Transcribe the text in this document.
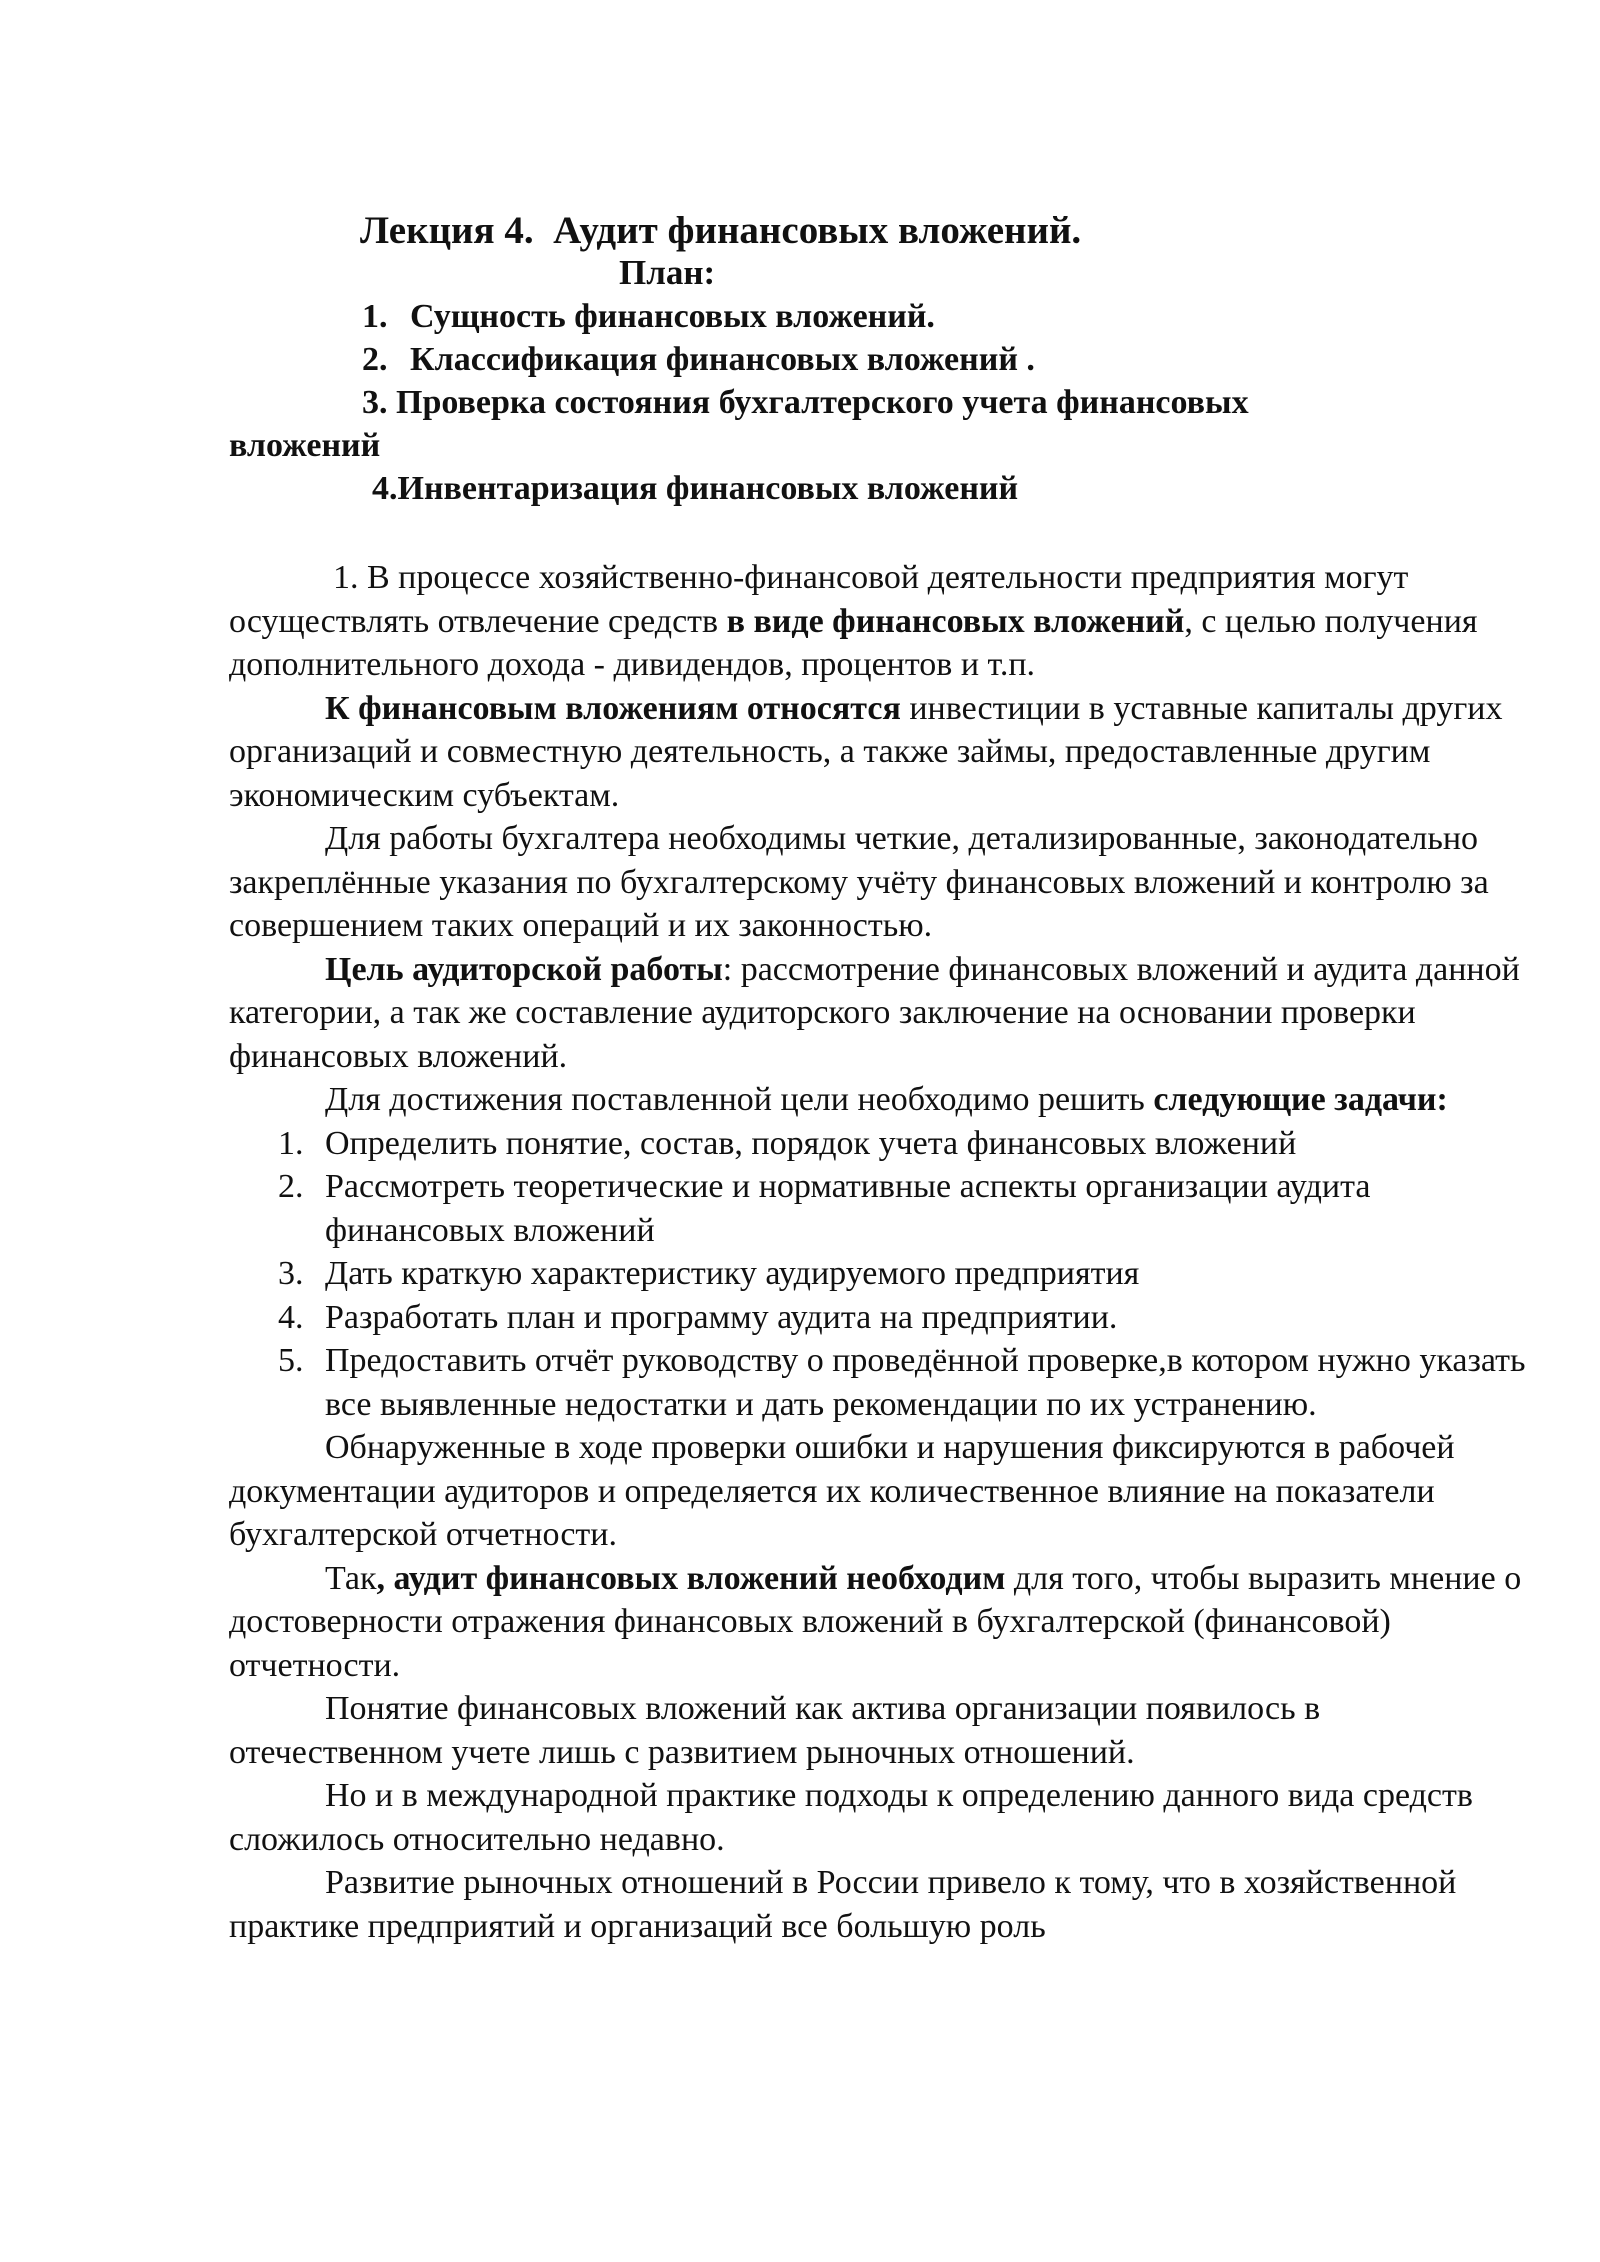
Лекция 4. Аудит финансовых вложений.
План:
1. Сущность финансовых вложений.
2. Классификация финансовых вложений .
3. Проверка состояния бухгалтерского учета финансовых
вложений
4.Инвентаризация финансовых вложений

1. В процессе хозяйственно-финансовой деятельности предприятия могут осуществлять отвлечение средств в виде финансовых вложений, с целью получения дополнительного дохода - дивидендов, процентов и т.п.

К финансовым вложениям относятся инвестиции в уставные капиталы других организаций и совместную деятельность, а также займы, предоставленные другим экономическим субъектам.

Для работы бухгалтера необходимы четкие, детализированные, законодательно закреплённые указания по бухгалтерскому учёту финансовых вложений и контролю за совершением таких операций и их законностью.

Цель аудиторской работы: рассмотрение финансовых вложений и аудита данной категории, а так же составление аудиторского заключение на основании проверки финансовых вложений.

Для достижения поставленной цели необходимо решить следующие задачи:

1. Определить понятие, состав, порядок учета финансовых вложений
2. Рассмотреть теоретические и нормативные аспекты организации аудита финансовых вложений
3. Дать краткую характеристику аудируемого предприятия
4. Разработать план и программу аудита на предприятии.
5. Предоставить отчёт руководству о проведённой проверке,в котором нужно указать все выявленные недостатки и дать рекомендации по их устранению.

Обнаруженные в ходе проверки ошибки и нарушения фиксируются в рабочей документации аудиторов и определяется их количественное влияние на показатели бухгалтерской отчетности.

Так, аудит финансовых вложений необходим для того, чтобы выразить мнение о достоверности отражения финансовых вложений в бухгалтерской (финансовой) отчетности.

Понятие финансовых вложений как актива организации появилось в отечественном учете лишь с развитием рыночных отношений.

Но и в международной практике подходы к определению данного вида средств сложилось относительно недавно.

Развитие рыночных отношений в России привело к тому, что в хозяйственной практике предприятий и организаций все большую роль
